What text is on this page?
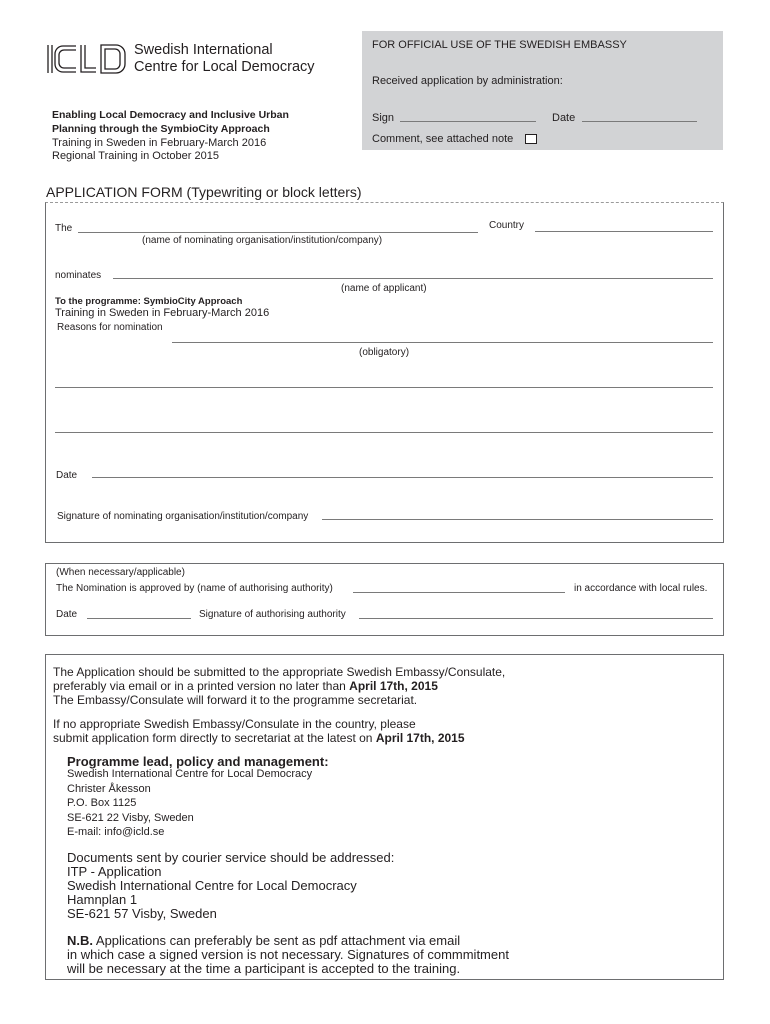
Swedish International
Centre for Local Democracy
FOR OFFICIAL USE OF THE SWEDISH EMBASSY
Received application by administration:
Sign	Date
Comment, see attached note
Enabling Local Democracy and Inclusive Urban
Planning through the SymbioCity Approach
Training in Sweden in February-March 2016
Regional Training in October 2015
APPLICATION FORM (Typewriting or block letters)
The	Country
(name of nominating organisation/institution/company)
nominates
(name of applicant)
To the programme: SymbioCity Approach
Training in Sweden in February-March 2016
Reasons for nomination
(obligatory)
Date
Signature of nominating organisation/institution/company
(When necessary/applicable)
The Nomination is approved by (name of authorising authority)	in accordance with local rules.
Date	Signature of authorising authority
The Application should be submitted to the appropriate Swedish Embassy/Consulate,
preferably via email or in a printed version no later than April 17th, 2015
The Embassy/Consulate will forward it to the programme secretariat.
If no appropriate Swedish Embassy/Consulate in the country, please
submit application form directly to secretariat at the latest on April 17th, 2015
Programme lead, policy and management:
Swedish International Centre for Local Democracy
Christer Åkesson
P.O. Box 1125
SE-621 22 Visby, Sweden
E-mail: info@icld.se
Documents sent by courier service should be addressed:
ITP - Application
Swedish International Centre for Local Democracy
Hamnplan 1
SE-621 57 Visby, Sweden
N.B. Applications can preferably be sent as pdf attachment via email
in which case a signed version is not necessary. Signatures of commmitment
will be necessary at the time a participant is accepted to the training.
